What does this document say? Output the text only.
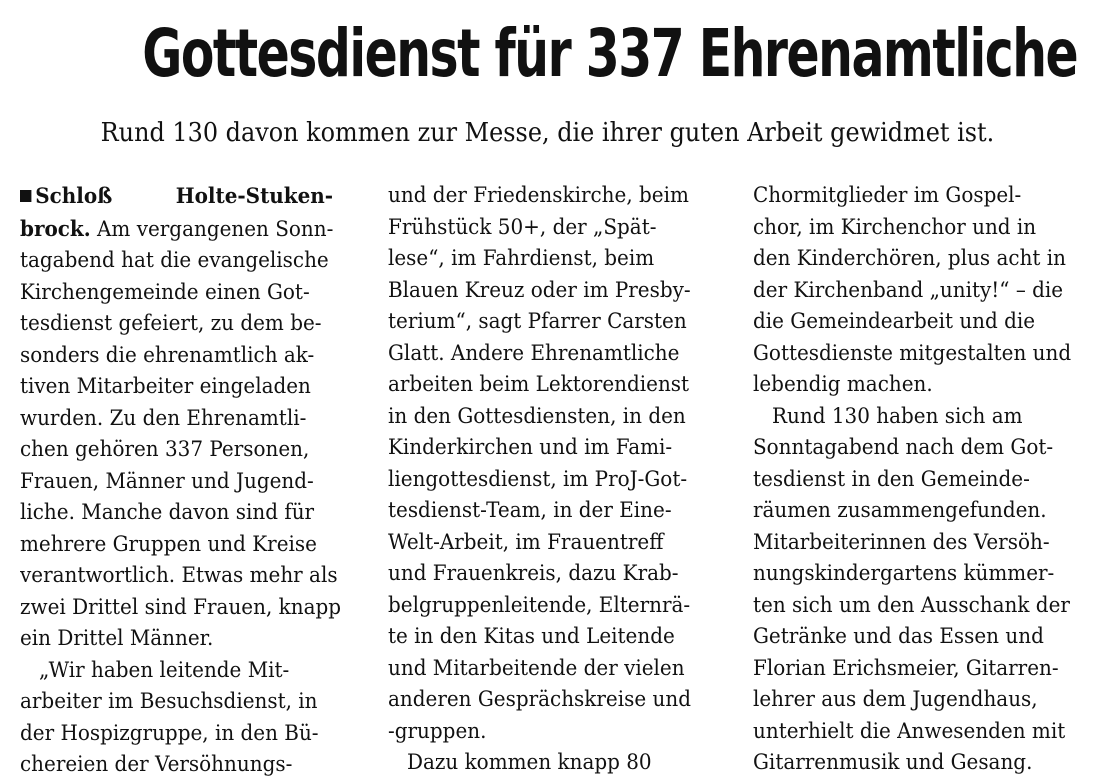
Gottesdienst für 337 Ehrenamtliche

Rund 130 davon kommen zur Messe, die ihrer guten Arbeit gewidmet ist.

Schloß	Holte-Stuken-
brock. Am vergangenen Sonn-
tagabend hat die evangelische
Kirchengemeinde einen Got-
tesdienst gefeiert, zu dem be-
sonders die ehrenamtlich ak-
tiven Mitarbeiter eingeladen
wurden. Zu den Ehrenamtli-
chen gehören 337 Personen,
Frauen, Männer und Jugend-
liche. Manche davon sind für
mehrere Gruppen und Kreise
verantwortlich. Etwas mehr als
zwei Drittel sind Frauen, knapp
ein Drittel Männer.
„Wir haben leitende Mit-
arbeiter im Besuchsdienst, in
der Hospizgruppe, in den Bü-
chereien der Versöhnungs-
und der Friedenskirche, beim
Frühstück 50+, der „Spät-
lese“, im Fahrdienst, beim
Blauen Kreuz oder im Presby-
terium“, sagt Pfarrer Carsten
Glatt. Andere Ehrenamtliche
arbeiten beim Lektorendienst
in den Gottesdiensten, in den
Kinderkirchen und im Fami-
liengottesdienst, im ProJ-Got-
tesdienst-Team, in der Eine-
Welt-Arbeit, im Frauentreff
und Frauenkreis, dazu Krab-
belgruppenleitende, Elternrä-
te in den Kitas und Leitende
und Mitarbeitende der vielen
anderen Gesprächskreise und
-gruppen.
Dazu kommen knapp 80
Chormitglieder im Gospel-
chor, im Kirchenchor und in
den Kinderchören, plus acht in
der Kirchenband „unity!“ – die
die Gemeindearbeit und die
Gottesdienste mitgestalten und
lebendig machen.
Rund 130 haben sich am
Sonntagabend nach dem Got-
tesdienst in den Gemeinde-
räumen zusammengefunden.
Mitarbeiterinnen des Versöh-
nungskindergartens kümmer-
ten sich um den Ausschank der
Getränke und das Essen und
Florian Erichsmeier, Gitarren-
lehrer aus dem Jugendhaus,
unterhielt die Anwesenden mit
Gitarrenmusik und Gesang.
